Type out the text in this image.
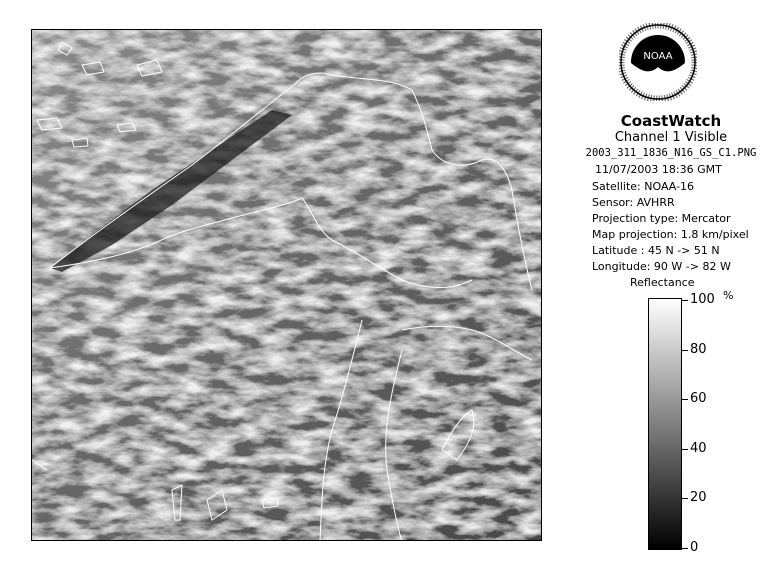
NOAA
CoastWatch
Channel 1 Visible
2003_311_1836_N16_GS_C1.PNG
11/07/2003 18:36 GMT
Satellite: NOAA-16
Sensor: AVHRR
Projection type: Mercator
Map projection: 1.8 km/pixel
Latitude : 45 N -> 51 N
Longitude: 90 W -> 82 W
Reflectance
%
100
80
60
40
20
0
